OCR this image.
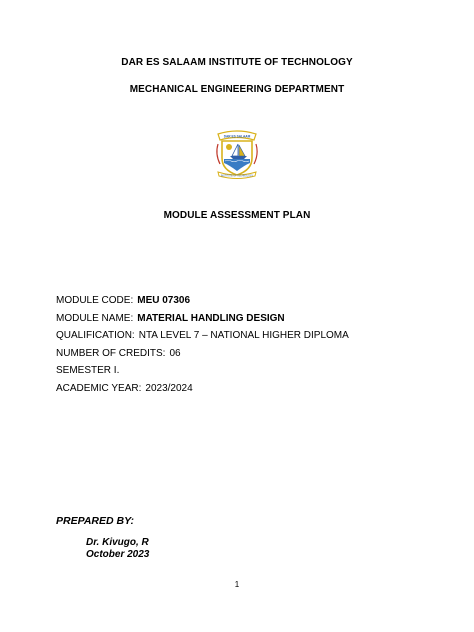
DAR ES SALAAM INSTITUTE OF TECHNOLOGY
MECHANICAL ENGINEERING DEPARTMENT
DAR ES SALAAM
INSTITUTE OF TECHNOLOGY
MODULE ASSESSMENT PLAN
MODULE CODE: MEU 07306
MODULE NAME: MATERIAL HANDLING DESIGN
QUALIFICATION: NTA LEVEL 7 – NATIONAL HIGHER DIPLOMA
NUMBER OF CREDITS: 06
SEMESTER I.
ACADEMIC YEAR: 2023/2024
PREPARED BY:
Dr. Kivugo, R
October 2023
1
